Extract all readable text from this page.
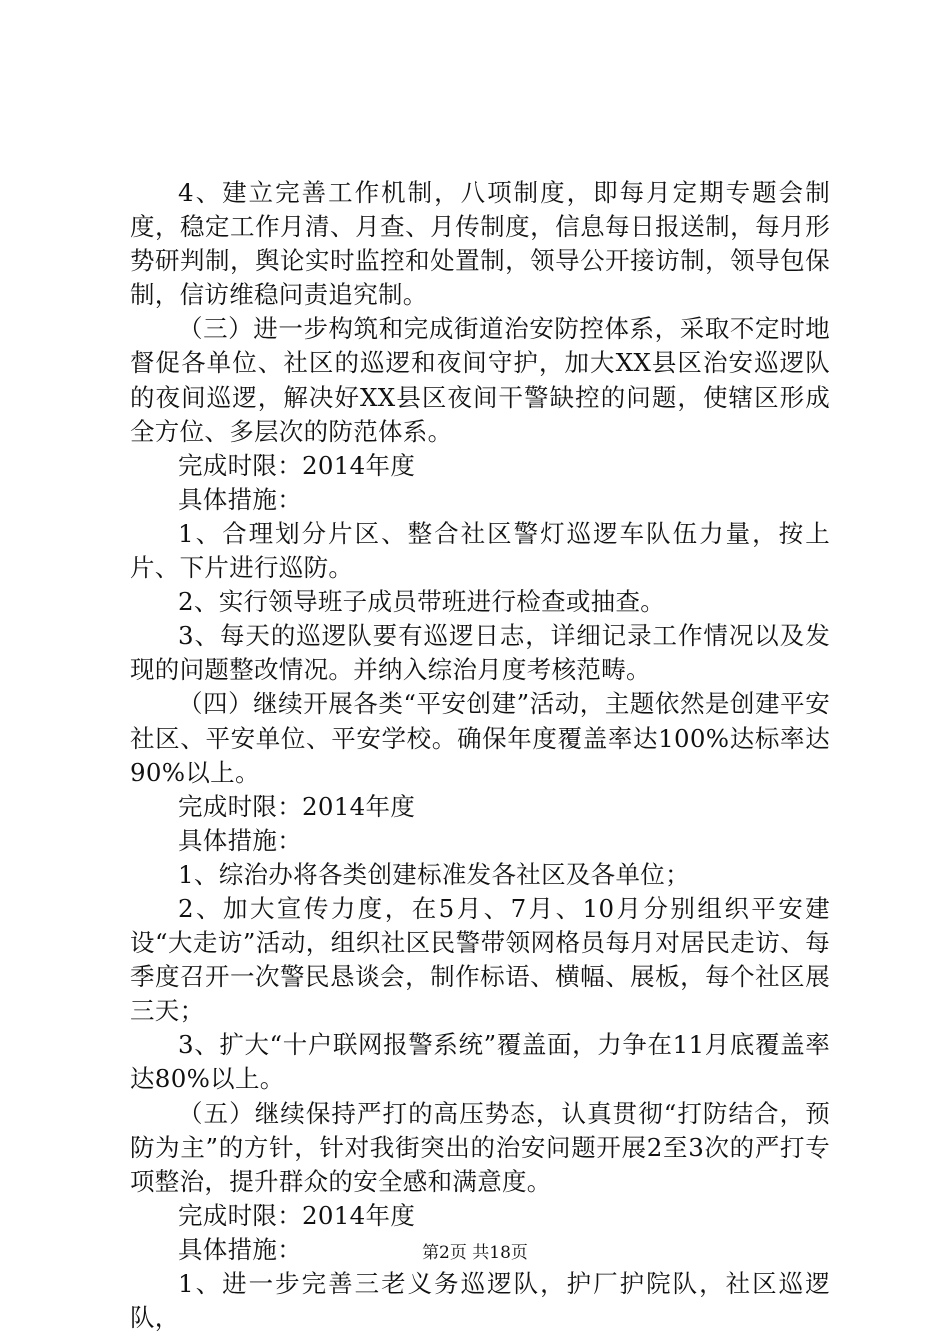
4、建立完善工作机制，八项制度，即每月定期专题会制度，稳定工作月清、月查、月传制度，信息每日报送制，每月形势研判制，舆论实时监控和处置制，领导公开接访制，领导包保制，信访维稳问责追究制。

（三）进一步构筑和完成街道治安防控体系，采取不定时地督促各单位、社区的巡逻和夜间守护，加大XX县区治安巡逻队的夜间巡逻，解决好XX县区夜间干警缺控的问题，使辖区形成全方位、多层次的防范体系。

完成时限：2014年度

具体措施：

1、合理划分片区、整合社区警灯巡逻车队伍力量，按上片、下片进行巡防。

2、实行领导班子成员带班进行检查或抽查。

3、每天的巡逻队要有巡逻日志，详细记录工作情况以及发现的问题整改情况。并纳入综治月度考核范畴。

（四）继续开展各类“平安创建”活动，主题依然是创建平安社区、平安单位、平安学校。确保年度覆盖率达100%达标率达90%以上。

完成时限：2014年度

具体措施：

1、综治办将各类创建标准发各社区及各单位；

2、加大宣传力度，在5月、7月、10月分别组织平安建设“大走访”活动，组织社区民警带领网格员每月对居民走访、每季度召开一次警民恳谈会，制作标语、横幅、展板，每个社区展三天；

3、扩大“十户联网报警系统”覆盖面，力争在11月底覆盖率达80%以上。

（五）继续保持严打的高压势态，认真贯彻“打防结合，预防为主”的方针，针对我街突出的治安问题开展2至3次的严打专项整治，提升群众的安全感和满意度。

完成时限：2014年度

具体措施：

1、进一步完善三老义务巡逻队，护厂护院队，社区巡逻队，

第2页 共18页
